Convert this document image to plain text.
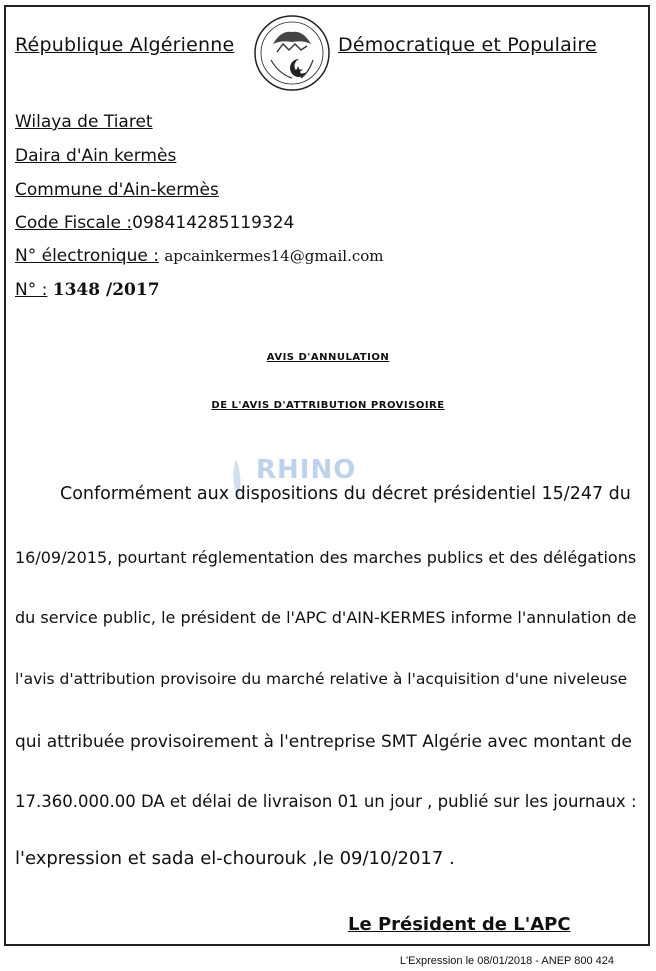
République Algérienne	Démocratique et Populaire
Wilaya de Tiaret
Daira d'Ain kermès
Commune d'Ain-kermès
Code Fiscale :098414285119324
N° électronique : apcainkermes14@gmail.com
N° : 1348 /2017
AVIS D'ANNULATION
DE L'AVIS D'ATTRIBUTION PROVISOIRE
RHINO
Conformément aux dispositions du décret présidentiel 15/247 du
16/09/2015, pourtant réglementation des marches publics et des délégations
du service public, le président de l'APC d'AIN-KERMES informe l'annulation de
l'avis d'attribution provisoire du marché relative à l'acquisition d'une niveleuse
qui attribuée provisoirement à l'entreprise SMT Algérie avec montant de
17.360.000.00 DA et délai de livraison 01 un jour , publié sur les journaux :
l'expression et sada el-chourouk ,le 09/10/2017 .
Le Président de L'APC
L'Expression le 08/01/2018 - ANEP 800 424
